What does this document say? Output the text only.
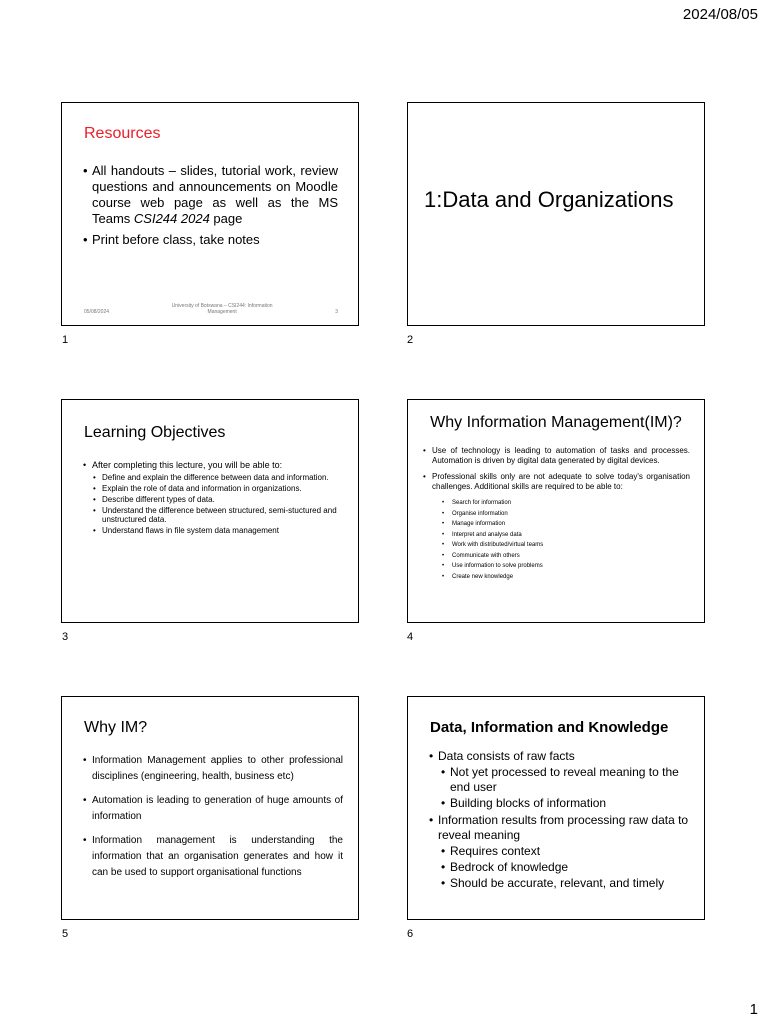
2024/08/05
Resources
• All handouts – slides, tutorial work, review questions and announcements on Moodle course web page as well as the MS Teams CSI244 2024 page
• Print before class, take notes
05/08/2024
University of Botswana – CSI244: Information Management	3
1
1:Data and Organizations
2
Learning Objectives
• After completing this lecture, you will be able to:
• Define and explain the difference between data and information.
• Explain the role of data and information in organizations.
• Describe different types of data.
• Understand the difference between structured, semi-stuctured and unstructured data.
• Understand flaws in file system data management
3
Why Information Management(IM)?
• Use of technology is leading to automation of tasks and processes. Automation is driven by digital data generated by digital devices.
• Professional skills only are not adequate to solve today's organisation challenges. Additional skills are required to be able to:
• Search for information
• Organise information
• Manage information
• Interpret and analyse data
• Work with distributed/virtual teams
• Communicate with others
• Use information to solve problems
• Create new knowledge
4
Why IM?
• Information Management applies to other professional disciplines (engineering, health, business etc)
• Automation is leading to generation of huge amounts of information
• Information management is understanding the information that an organisation generates and how it can be used to support organisational functions
5
Data, Information and Knowledge
• Data consists of raw facts
• Not yet processed to reveal meaning to the end user
• Building blocks of information
• Information results from processing raw data to reveal meaning
• Requires context
• Bedrock of knowledge
• Should be accurate, relevant, and timely
6
1
